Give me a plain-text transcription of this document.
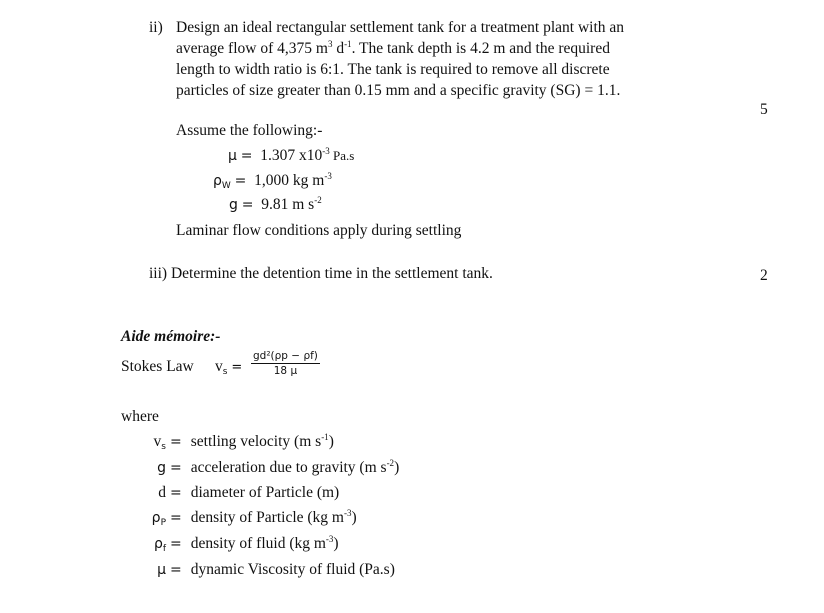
ii) Design an ideal rectangular settlement tank for a treatment plant with an
average flow of 4,375 $m^3$ $d^{-1}$. The tank depth is 4.2 m and the required
length to width ratio is 6:1. The tank is required to remove all discrete
particles of size greater than 0.15 mm and a specific gravity (SG) = 1.1.
5
Assume the following:-
μ = 1.307 $x10^{-3}$ Pa.s
$\rho_W = 1,000$ kg $m^{-3}$
g = 9.81 m $s^{-2}$
Laminar flow conditions apply during settling
iii) Determine the detention time in the settlement tank.	2
Aide mémoire:-
Stokes Law $v_s = \frac{\text{gd²(ρp − ρf)}}{18 \mu}$
where
$v_s$ = settling velocity (m $s^{-1}$)
g = acceleration due to gravity (m $s^{-2}$)
d = diameter of Particle (m)
$\rho_P$ = density of Particle (kg $m^{-3}$)
$\rho_f$ = density of fluid (kg $m^{-3}$)
μ = dynamic Viscosity of fluid (Pa.s)
